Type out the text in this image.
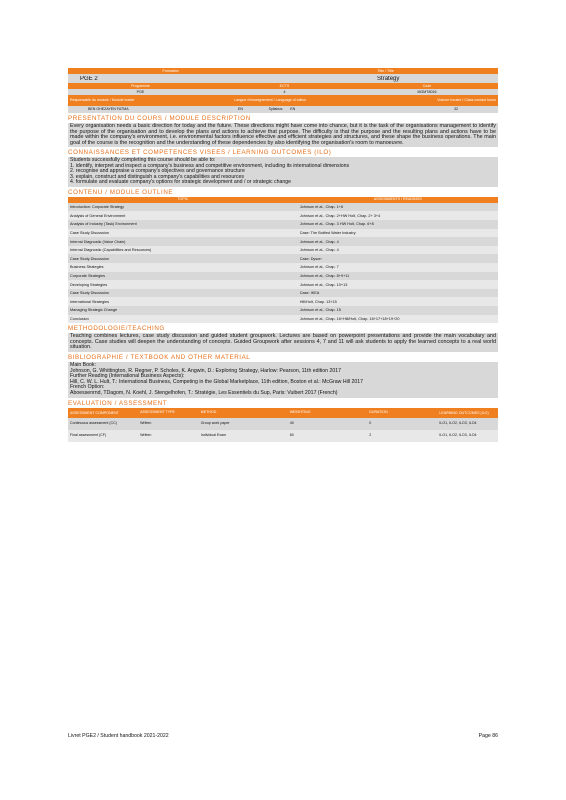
Formation	Title / Title
PGE 2	Strategy
Programme	ECTS	Code
PGE	4	MGMT8016
Responsable du module / Module leader	Langue d'enseignement / Language of tuition	Volume horaire / Class contact hours
BEN GHEZAYEN FATMA	EN	Syllabus:	EN	32
PRESENTATION DU COURS / MODULE DESCRIPTION
Every organisation needs a basic direction for today and the future. These directions might have come into chance, but it is the task of the organisations management to identify the purpose of the organisation and to develop the plans and actions to achieve that purpose. The difficulty is that the purpose and the resulting plans and actions have to be made within the company's environment, i.e. environmental factors influence effective and efficient strategies and structures, and these shape the business operations. The main goal of the course is the recognition and the understanding of these dependencies by also identifying the organisation's room to manoeuvre.
CONNAISSANCES ET COMPETENCES VISEES / LEARNING OUTCOMES (ILO)
Students successfully completing this course should be able to:
1. identify, interpret and inspect a company's business and competitive environment, including its international dimensions
2. recognise and appraise a company's objectives and governance structure
3. explain, construct and distinguish a company's capabilities and resources
4. formulate and evaluate company's options for strategic development and / or strategic change
CONTENU / MODULE OUTLINE
TOPIC	ASSIGNMENTS / READINGS
Introduction: Corporate Strategy	Johnson et al., Chap. 1+6
Analysis of General Environment	Johnson et al., Chap. 2+HW Holt, Chap. 2+ 3+4
Analysis of Industry (Task) Environment	Johnson et al., Chap. 3 HW Holt, Chap. 6+8
Case Study Discussion	Case: The Bottled Water Industry
Internal Diagnostic (Value Chain)	Johnson et al., Chap. 4
Internal Diagnostic (Capabilities and Resources)	Johnson et al., Chap. 4
Case Study Discussion	Case: Dyson
Business Strategies	Johnson et al., Chap. 7
Corporate Strategies	Johnson et al., Chap. 8+9+11
Developing Strategies	Johnson et al., Chap. 10+13
Case Study Discussion	Case: IKEA
International Strategies	Hill/Holt, Chap. 13+15
Managing Strategic Change	Johnson et al., Chap. 15
Conclusion	Johnson et al., Chap. 16+Hill/Holt, Chap. 16+17+18+19+20
METHODOLOGIE/TEACHING
Teaching combines lectures, case study discussion and guided student groupwork. Lectures are based on powerpoint presentations and provide the main vocabulary and concepts. Case studies will deepen the understanding of concepts. Guided Groupwork after sessions 4, 7 and 11 will ask students to apply the learned concepts to a real world situation.
BIBLIOGRAPHIE / TEXTBOOK AND OTHER MATERIAL
Main Book:
Johnson, G. Whittington, R. Regner, P. Scholes, K. Angwin, D.: Exploring Strategy, Harlow: Pearson, 11th edition 2017
Further Reading (International Business Aspects):
Hill, C. W. L. Hult, T.: International Business, Competing in the Global Marketplace, 11th edition, Boston et al.: McGraw Hill 2017
French Option:
Aboessenrnd, TDagom, N. Koehl, J. Stengelhofen, T.: Stratégie, Les Essentiels du Sup, Paris: Vuibert 2017 (French)
EVALUATION / ASSESSMENT
ASSESSMENT COMPONENT	ASSESSMENT TYPE	METHOD	WEIGHTING	DURATION	LEARNING OUTCOMES (ILO)
Continuous assessment (CC)	Written	Group work paper	40	0	ILO1, ILO2, ILO3, ILO4
Final assessment (CF)	Written	Individual Exam	60	2	ILO1, ILO2, ILO3, ILO4
Livret PGE2 / Student handbook 2021-2022	Page 86
